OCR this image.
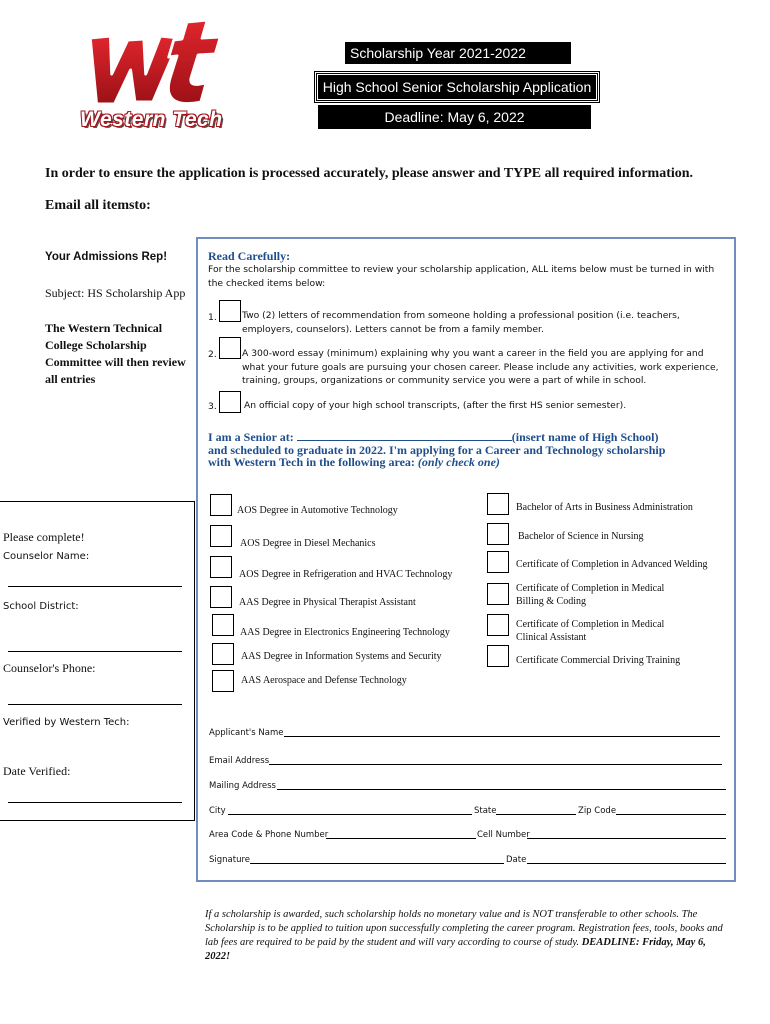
Western Tech
Scholarship Year 2021-2022
High School Senior Scholarship Application
Deadline: May 6, 2022
In order to ensure the application is processed accurately, please answer and TYPE all required information.
Email all itemsto:
Your Admissions Rep!
Subject: HS Scholarship App
The Western Technical College Scholarship Committee will then review all entries
Read Carefully:
For the scholarship committee to review your scholarship application, ALL items below must be turned in with the checked items below:
1.	Two (2) letters of recommendation from someone holding a professional position (i.e. teachers, employers, counselors). Letters cannot be from a family member.
2.	A 300-word essay (minimum) explaining why you want a career in the field you are applying for and what your future goals are pursuing your chosen career. Please include any activities, work experience, training, groups, organizations or community service you were a part of while in school.
3.	An official copy of your high school transcripts, (after the first HS senior semester).
I am a Senior at:	(insert name of High School)
and scheduled to graduate in 2022. I'm applying for a Career and Technology scholarship
with Western Tech in the following area: (only check one)
AOS Degree in Automotive Technology
AOS Degree in Diesel Mechanics
AOS Degree in Refrigeration and HVAC Technology
AAS Degree in Physical Therapist Assistant
AAS Degree in Electronics Engineering Technology
AAS Degree in Information Systems and Security
AAS Aerospace and Defense Technology
Bachelor of Arts in Business Administration
Bachelor of Science in Nursing
Certificate of Completion in Advanced Welding
Certificate of Completion in Medical Billing & Coding
Certificate of Completion in Medical Clinical Assistant
Certificate Commercial Driving Training
Please complete!
Counselor Name:
School District:
Counselor's Phone:
Verified by Western Tech:
Date Verified:
Applicant's Name
Email Address
Mailing Address
City	State	Zip Code
Area Code & Phone Number	Cell Number
Signature	Date
If a scholarship is awarded, such scholarship holds no monetary value and is NOT transferable to other schools. The Scholarship is to be applied to tuition upon successfully completing the career program. Registration fees, tools, books and lab fees are required to be paid by the student and will vary according to course of study. DEADLINE: Friday, May 6, 2022!
